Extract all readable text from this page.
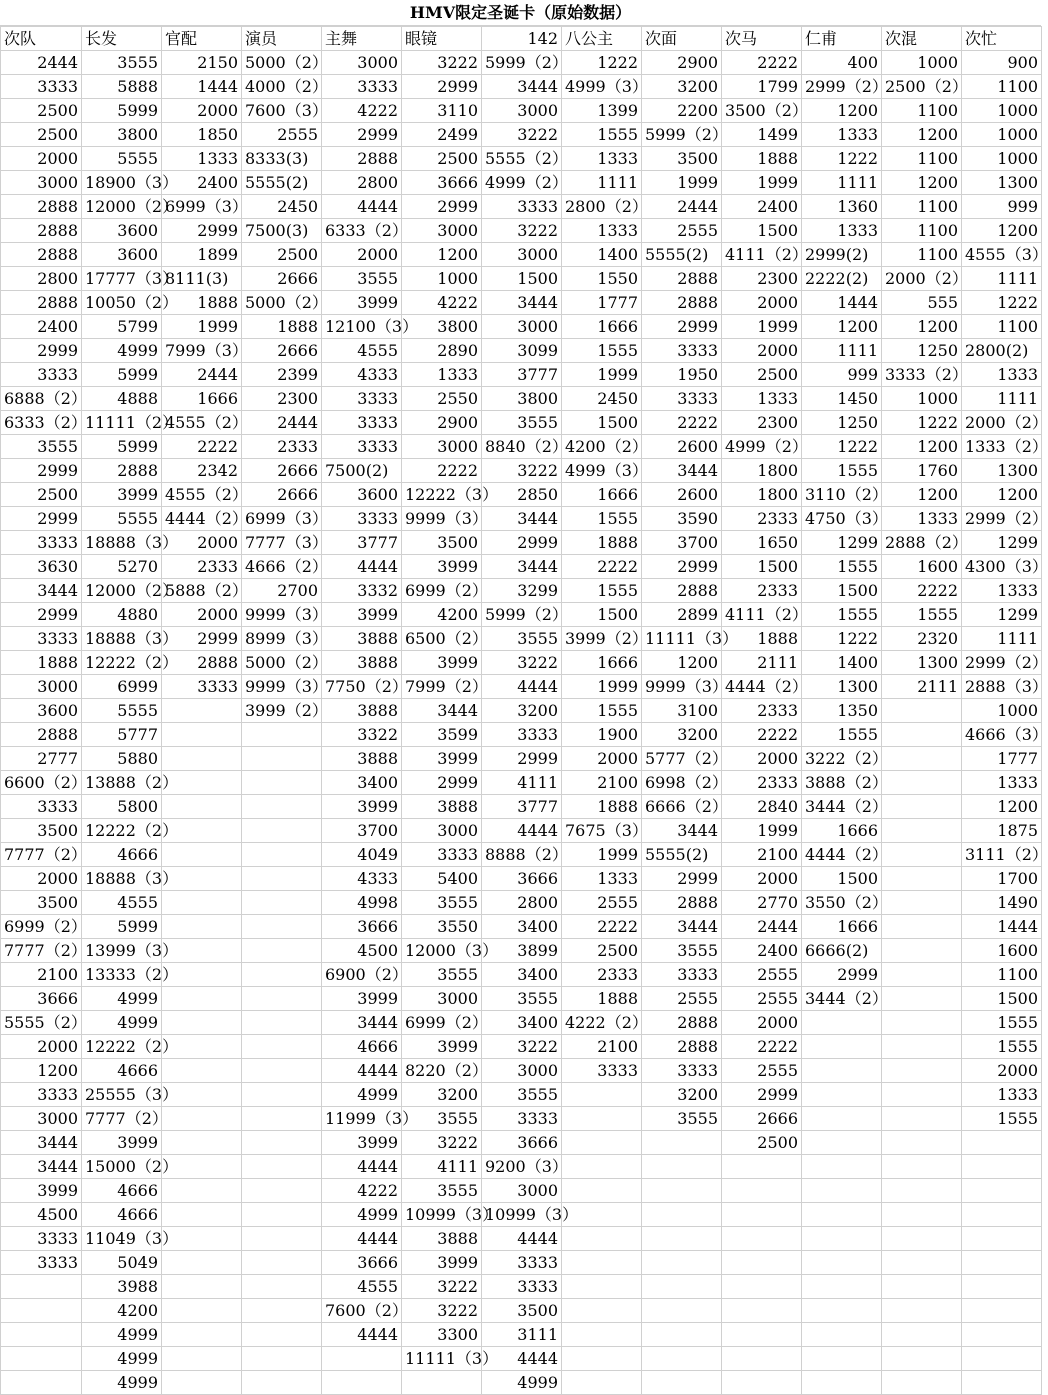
HMV限定圣诞卡（原始数据）
次队	长发	官配	演员	主舞	眼镜	142	八公主	次面	次马	仁甫	次混	次忙
2444	3555	2150	5000（2）	3000	3222	5999（2）	1222	2900	2222	400	1000	900
3333	5888	1444	4000（2）	3333	2999	3444	4999（3）	3200	1799	2999（2）	2500（2）	1100
2500	5999	2000	7600（3）	4222	3110	3000	1399	2200	3500（2）	1200	1100	1000
2500	3800	1850	2555	2999	2499	3222	1555	5999（2）	1499	1333	1200	1000
2000	5555	1333	8333(3)	2888	2500	5555（2）	1333	3500	1888	1222	1100	1000
3000	18900（3）	2400	5555(2)	2800	3666	4999（2）	1111	1999	1999	1111	1200	1300
2888	12000（2）	6999（3）	2450	4444	2999	3333	2800（2）	2444	2400	1360	1100	999
2888	3600	2999	7500(3)	6333（2）	3000	3222	1333	2555	1500	1333	1100	1200
2888	3600	1899	2500	2000	1200	3000	1400	5555(2)	4111（2）	2999(2)	1100	4555（3）
2800	17777（3）	8111(3)	2666	3555	1000	1500	1550	2888	2300	2222(2)	2000（2）	1111
2888	10050（2）	1888	5000（2）	3999	4222	3444	1777	2888	2000	1444	555	1222
2400	5799	1999	1888	12100（3）	3800	3000	1666	2999	1999	1200	1200	1100
2999	4999	7999（3）	2666	4555	2890	3099	1555	3333	2000	1111	1250	2800(2)
3333	5999	2444	2399	4333	1333	3777	1999	1950	2500	999	3333（2）	1333
6888（2）	4888	1666	2300	3333	2550	3800	2450	3333	1333	1450	1000	1111
6333（2）	11111（2）	4555（2）	2444	3333	2900	3555	1500	2222	2300	1250	1222	2000（2）
3555	5999	2222	2333	3333	3000	8840（2）	4200（2）	2600	4999（2）	1222	1200	1333（2）
2999	2888	2342	2666	7500(2)	2222	3222	4999（3）	3444	1800	1555	1760	1300
2500	3999	4555（2）	2666	3600	12222（3）	2850	1666	2600	1800	3110（2）	1200	1200
2999	5555	4444（2）	6999（3）	3333	9999（3）	3444	1555	3590	2333	4750（3）	1333	2999（2）
3333	18888（3）	2000	7777（3）	3777	3500	2999	1888	3700	1650	1299	2888（2）	1299
3630	5270	2333	4666（2）	4444	3999	3444	2222	2999	1500	1555	1600	4300（3）
3444	12000（2）	5888（2）	2700	3332	6999（2）	3299	1555	2888	2333	1500	2222	1333
2999	4880	2000	9999（3）	3999	4200	5999（2）	1500	2899	4111（2）	1555	1555	1299
3333	18888（3）	2999	8999（3）	3888	6500（2）	3555	3999（2）	11111（3）	1888	1222	2320	1111
1888	12222（2）	2888	5000（2）	3888	3999	3222	1666	1200	2111	1400	1300	2999（2）
3000	6999	3333	9999（3）	7750（2）	7999（2）	4444	1999	9999（3）	4444（2）	1300	2111	2888（3）
3600	5555		3999（2）	3888	3444	3200	1555	3100	2333	1350		1000
2888	5777			3322	3599	3333	1900	3200	2222	1555		4666（3）
2777	5880			3888	3999	2999	2000	5777（2）	2000	3222（2）		1777
6600（2）	13888（2）			3400	2999	4111	2100	6998（2）	2333	3888（2）		1333
3333	5800			3999	3888	3777	1888	6666（2）	2840	3444（2）		1200
3500	12222（2）			3700	3000	4444	7675（3）	3444	1999	1666		1875
7777（2）	4666			4049	3333	8888（2）	1999	5555(2)	2100	4444（2）		3111（2）
2000	18888（3）			4333	5400	3666	1333	2999	2000	1500		1700
3500	4555			4998	3555	2800	2555	2888	2770	3550（2）		1490
6999（2）	5999			3666	3550	3400	2222	3444	2444	1666		1444
7777（2）	13999（3）			4500	12000（3）	3899	2500	3555	2400	6666(2)		1600
2100	13333（2）			6900（2）	3555	3400	2333	3333	2555	2999		1100
3666	4999			3999	3000	3555	1888	2555	2555	3444（2）		1500
5555（2）	4999			3444	6999（2）	3400	4222（2）	2888	2000			1555
2000	12222（2）			4666	3999	3222	2100	2888	2222			1555
1200	4666			4444	8220（2）	3000	3333	3333	2555			2000
3333	25555（3）			4999	3200	3555		3200	2999			1333
3000	7777（2）			11999（3）	3555	3333		3555	2666			1555
3444	3999			3999	3222	3666			2500			
3444	15000（2）			4444	4111	9200（3）						
3999	4666			4222	3555	3000						
4500	4666			4999	10999（3）	10999（3）						
3333	11049（3）			4444	3888	4444						
3333	5049			3666	3999	3333						
	3988			4555	3222	3333						
	4200			7600（2）	3222	3500						
	4999			4444	3300	3111						
	4999				11111（3）	4444						
	4999					4999						
